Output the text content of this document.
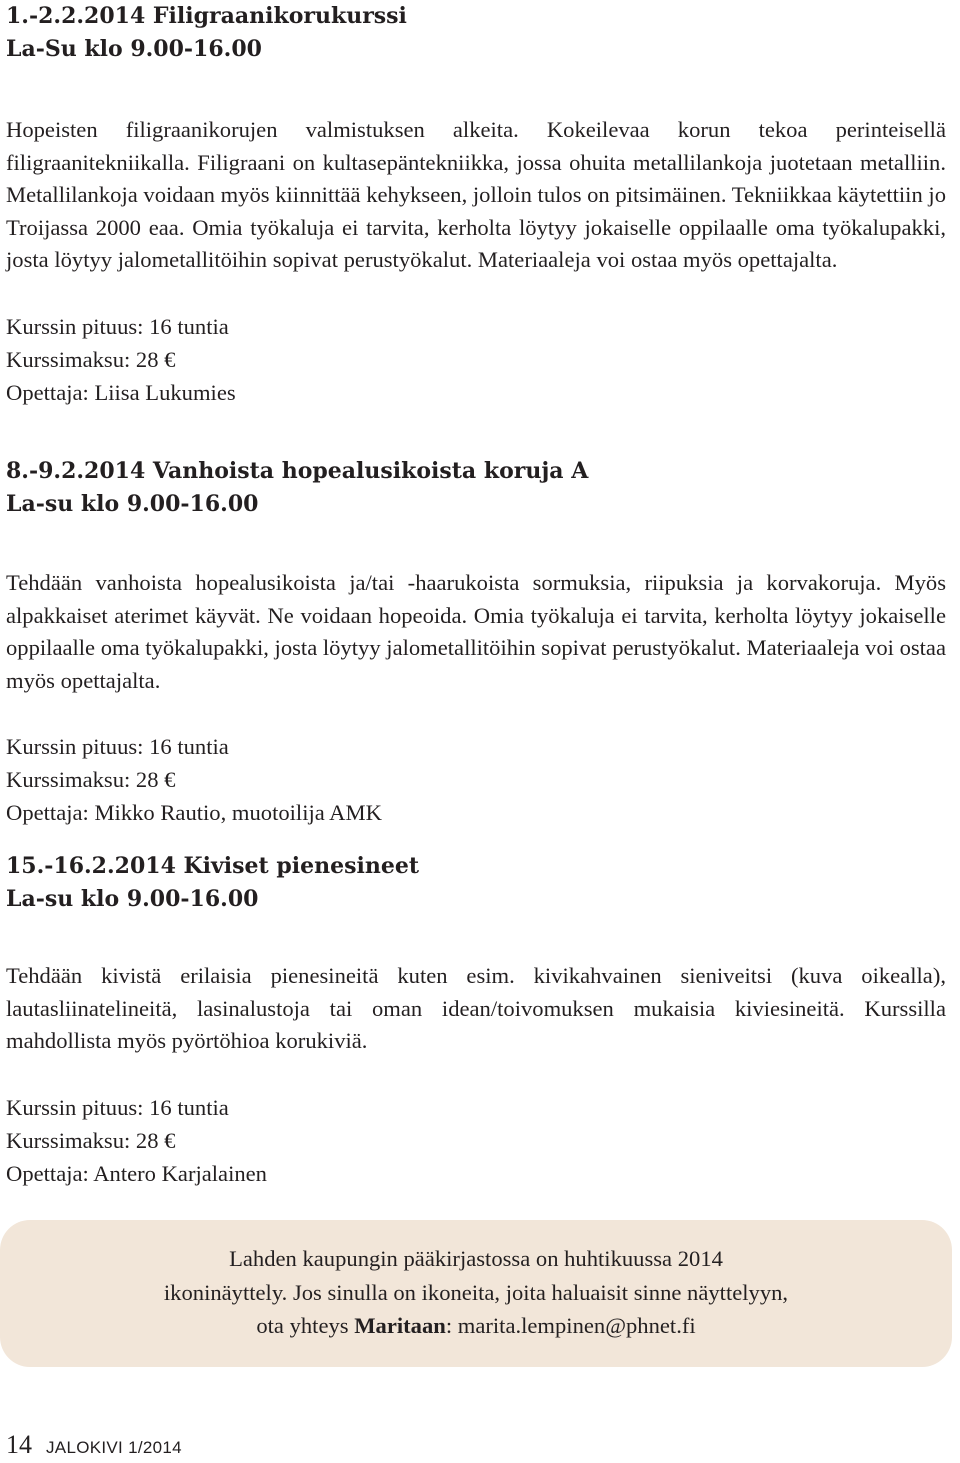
1.-2.2.2014 Filigraanikorukurssi
La-Su klo 9.00-16.00

Hopeisten filigraanikorujen valmistuksen alkeita. Kokeilevaa korun tekoa perinteisellä filigraanitekniikalla. Filigraani on kultasepäntekniikka, jossa ohuita metallilankoja juotetaan metalliin. Metallilankoja voidaan myös kiinnittää kehykseen, jolloin tulos on pitsimäinen. Tekniikkaa käytettiin jo Troijassa 2000 eaa. Omia työkaluja ei tarvita, kerholta löytyy jokaiselle oppilaalle oma työkalupakki, josta löytyy jalometallitöihin sopivat perustyökalut. Materiaaleja voi ostaa myös opettajalta.

Kurssin pituus: 16 tuntia
Kurssimaksu: 28 €
Opettaja: Liisa Lukumies
8.-9.2.2014 Vanhoista hopealusikoista koruja A
La-su klo 9.00-16.00

Tehdään vanhoista hopealusikoista ja/tai -haarukoista sormuksia, riipuksia ja korvakoruja. Myös alpakkaiset aterimet käyvät. Ne voidaan hopeoida. Omia työkaluja ei tarvita, kerholta löytyy jokaiselle oppilaalle oma työkalupakki, josta löytyy jalometallitöihin sopivat perustyökalut. Materiaaleja voi ostaa myös opettajalta.

Kurssin pituus: 16 tuntia
Kurssimaksu: 28 €
Opettaja: Mikko Rautio, muotoilija AMK
15.-16.2.2014 Kiviset pienesineet
La-su klo 9.00-16.00

Tehdään kivistä erilaisia pienesineitä kuten esim. kivikahvainen sieniveitsi (kuva oikealla), lautasliinatelineitä, lasinalustoja tai oman idean/toivomuksen mukaisia kiviesineitä. Kurssilla mahdollista myös pyörtöhioa korukiviä.

Kurssin pituus: 16 tuntia
Kurssimaksu: 28 €
Opettaja: Antero Karjalainen
Lahden kaupungin pääkirjastossa on huhtikuussa 2014
ikoninäyttely. Jos sinulla on ikoneita, joita haluaisit sinne näyttelyyn,
ota yhteys Maritaan: marita.lempinen@phnet.fi
14 JALOKIVI 1/2014
